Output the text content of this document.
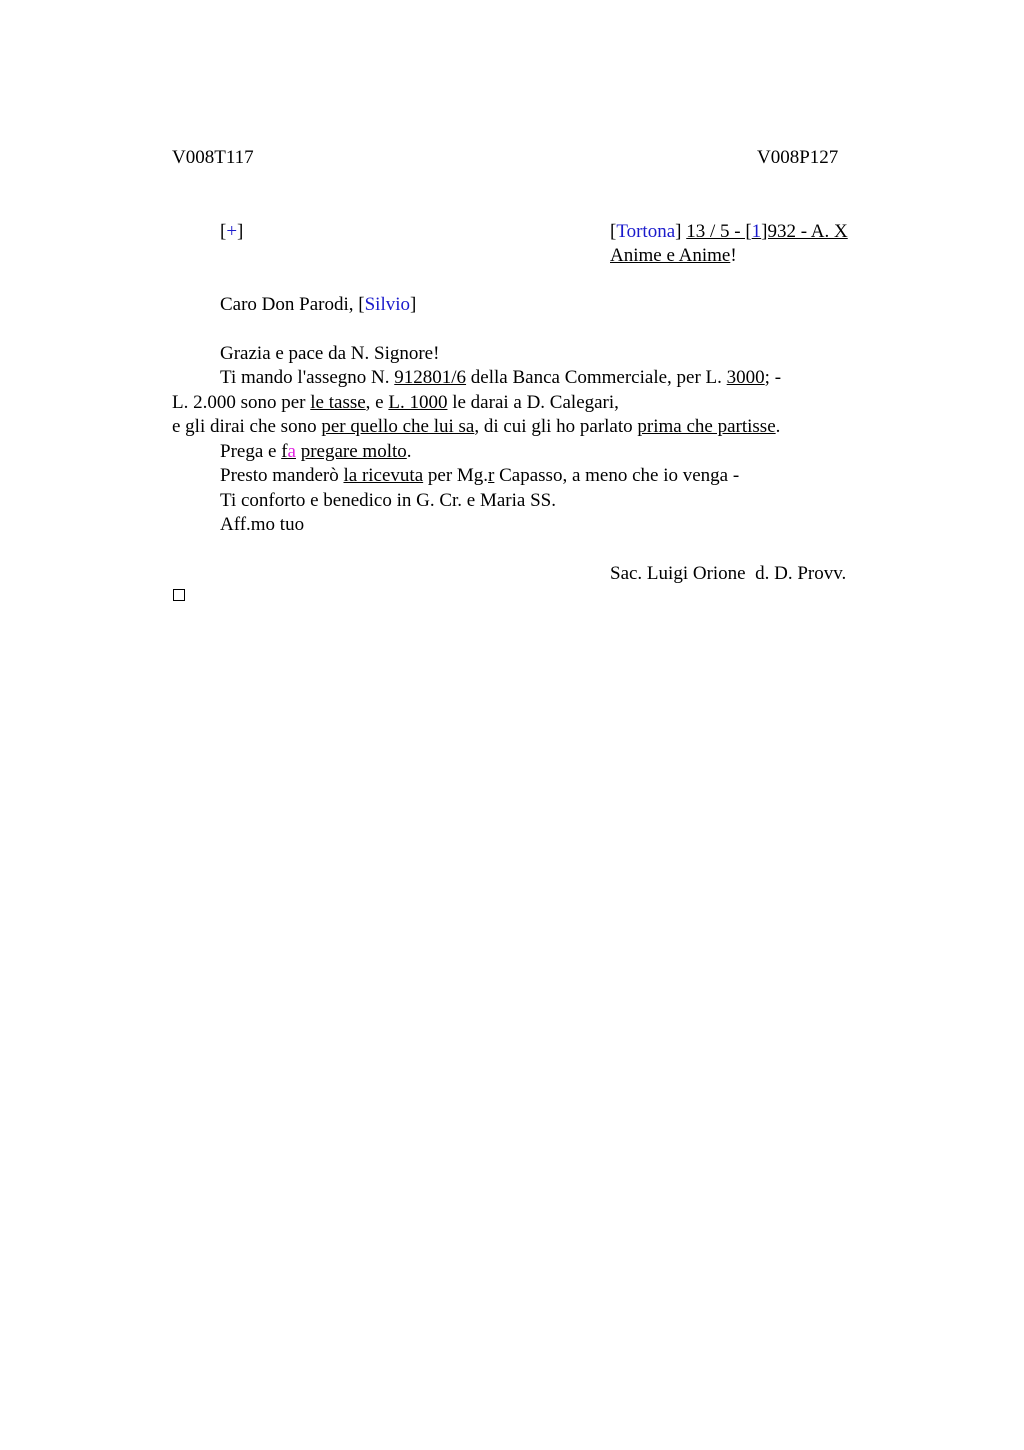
V008T117	V008P127
[+]	[Tortona] 13 / 5 - [1]932 - A. X
Anime e Anime!
Caro Don Parodi, [Silvio]
Grazia e pace da N. Signore!
Ti mando l'assegno N. 912801/6 della Banca Commerciale, per L. 3000; -
L. 2.000 sono per le tasse, e L. 1000 le darai a D. Calegari,
e gli dirai che sono per quello che lui sa, di cui gli ho parlato prima che partisse.
Prega e fa pregare molto.
Presto manderò la ricevuta per Mg.r Capasso, a meno che io venga -
Ti conforto e benedico in G. Cr. e Maria SS.
Aff.mo tuo
Sac. Luigi Orione  d. D. Provv.
